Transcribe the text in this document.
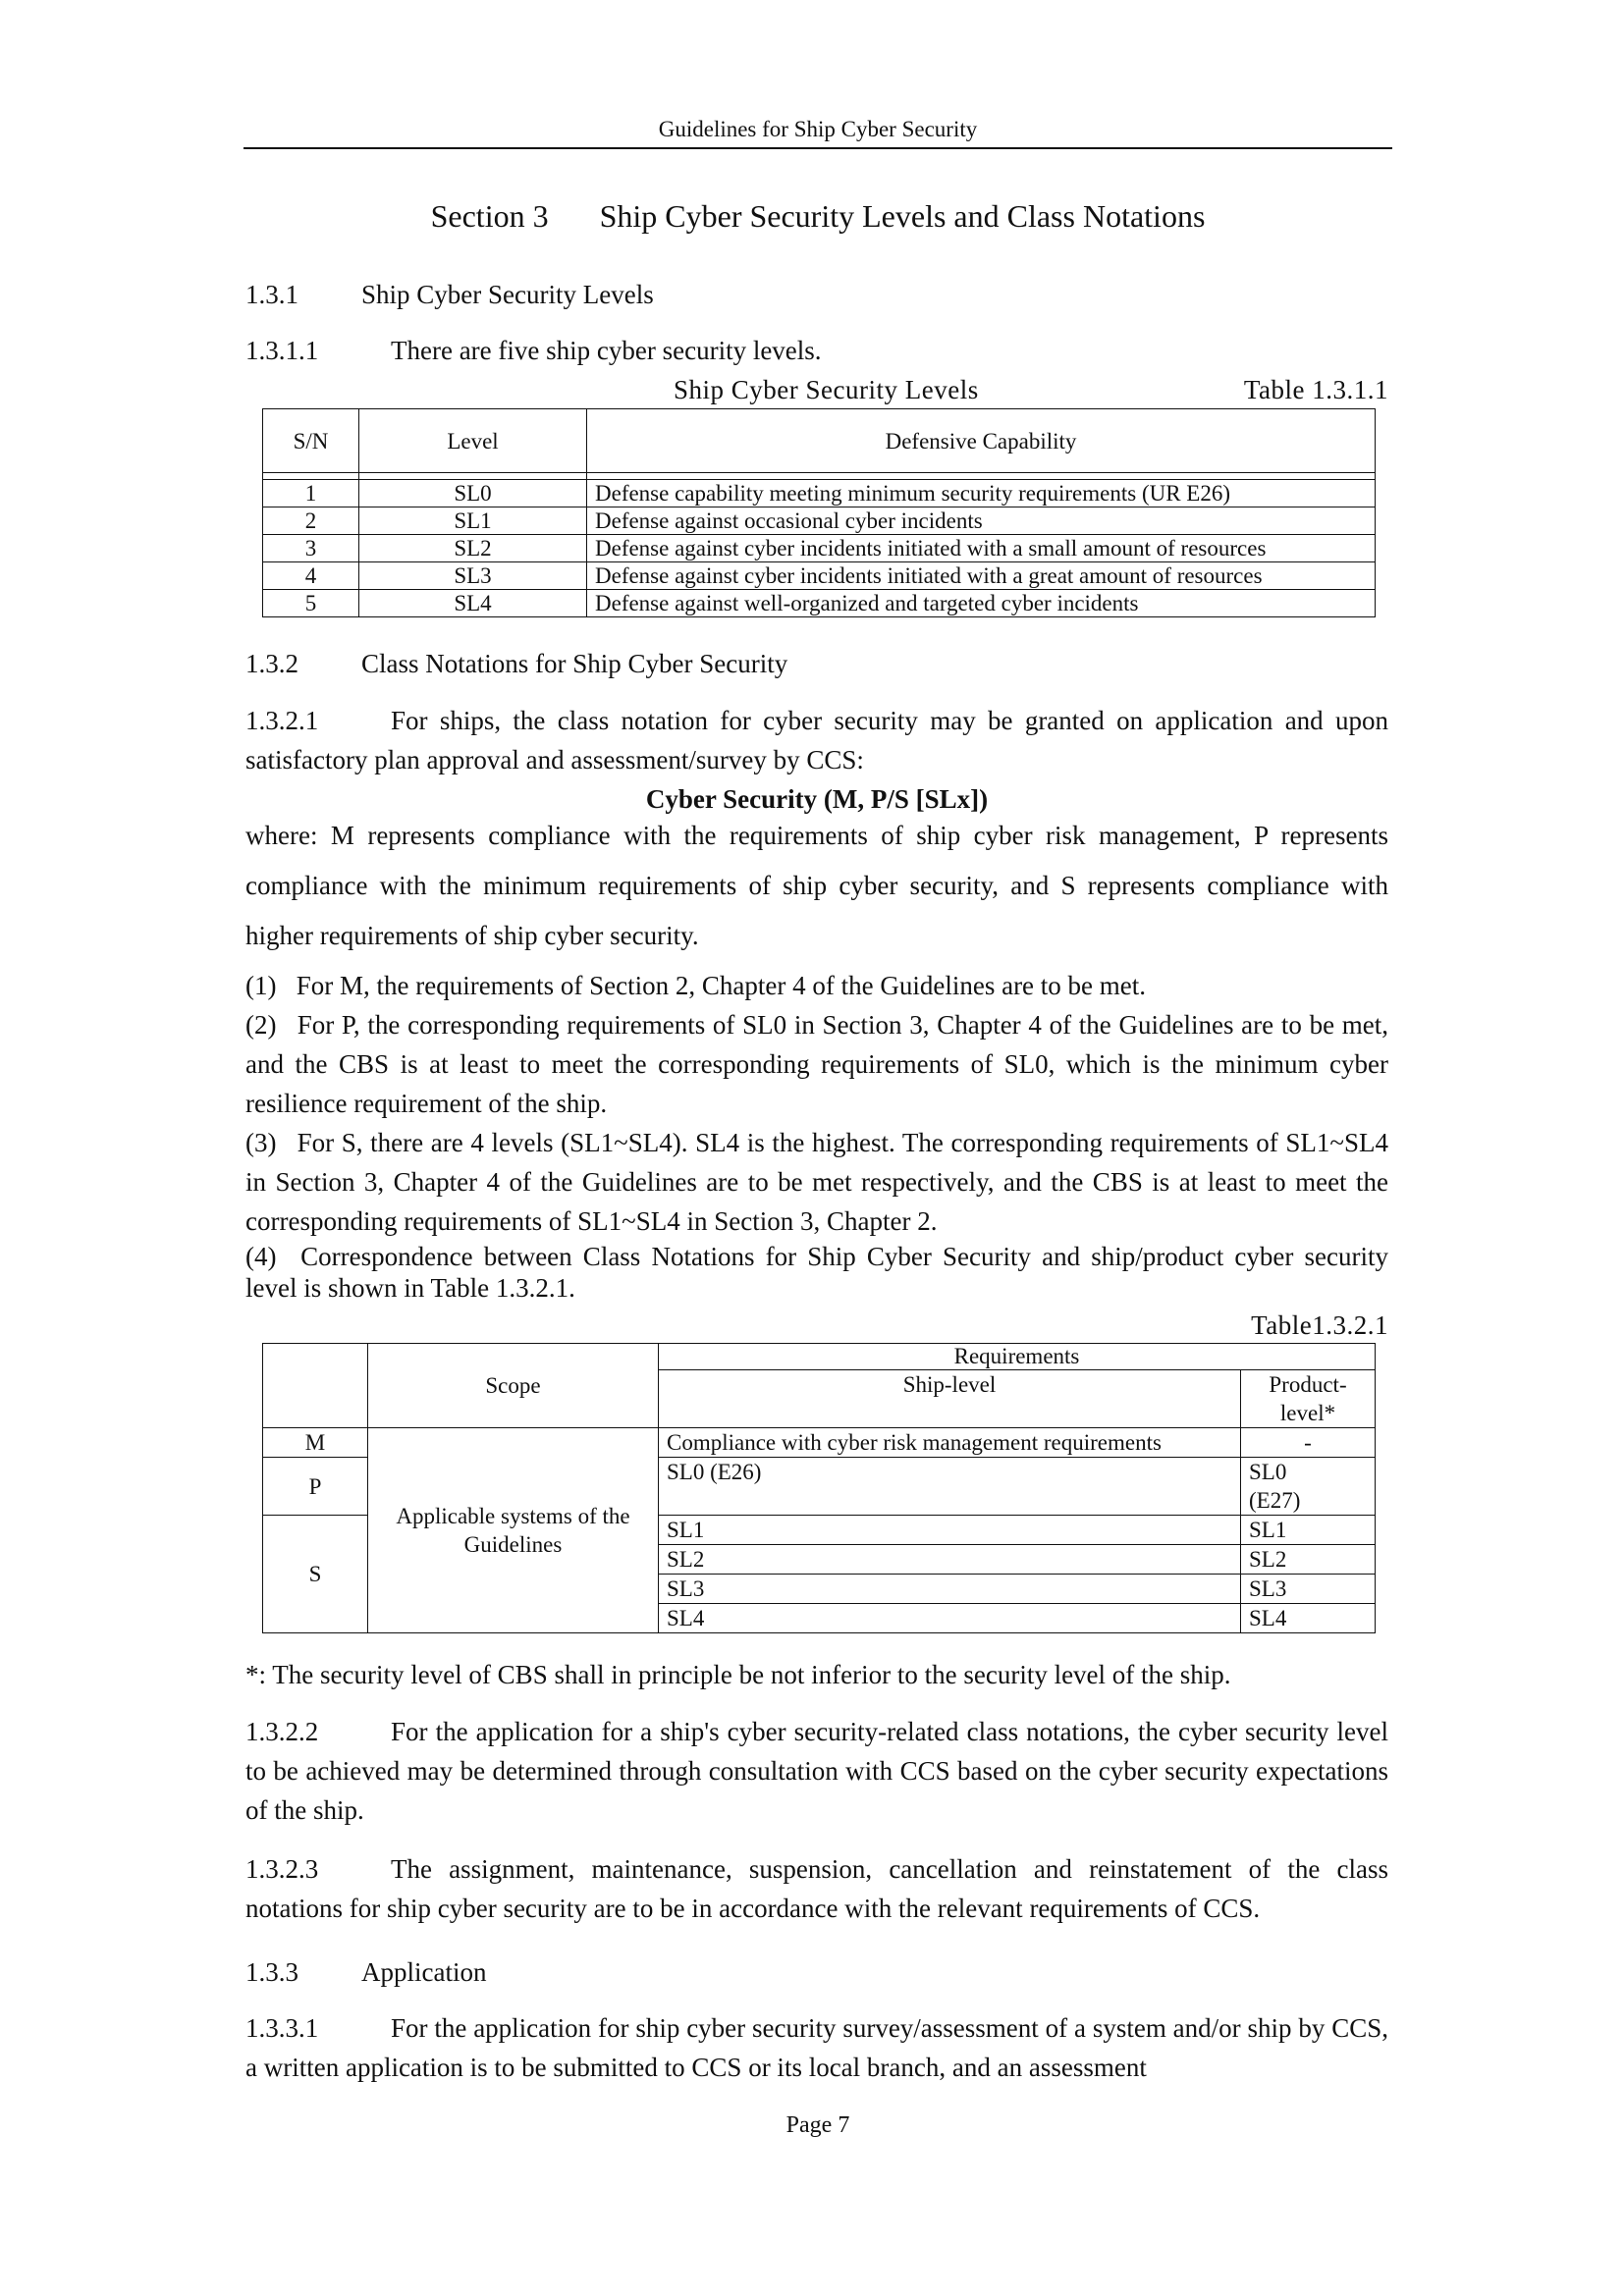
Guidelines for Ship Cyber Security
Section 3 Ship Cyber Security Levels and Class Notations
1.3.1 Ship Cyber Security Levels
1.3.1.1	There are five ship cyber security levels.
Ship Cyber Security Levels	Table 1.3.1.1
S/N	Level	Defensive Capability

1	SL0	Defense capability meeting minimum security requirements (UR E26)
2	SL1	Defense against occasional cyber incidents
3	SL2	Defense against cyber incidents initiated with a small amount of resources
4	SL3	Defense against cyber incidents initiated with a great amount of resources
5	SL4	Defense against well-organized and targeted cyber incidents
1.3.2 Class Notations for Ship Cyber Security
1.3.2.1	For ships, the class notation for cyber security may be granted on application and upon satisfactory plan approval and assessment/survey by CCS:
Cyber Security (M, P/S [SLx])
where: M represents compliance with the requirements of ship cyber risk management, P represents compliance with the minimum requirements of ship cyber security, and S represents compliance with higher requirements of ship cyber security.
(1)  For M, the requirements of Section 2, Chapter 4 of the Guidelines are to be met.
(2)  For P, the corresponding requirements of SL0 in Section 3, Chapter 4 of the Guidelines are to be met, and the CBS is at least to meet the corresponding requirements of SL0, which is the minimum cyber resilience requirement of the ship.
(3)  For S, there are 4 levels (SL1~SL4). SL4 is the highest. The corresponding requirements of SL1~SL4 in Section 3, Chapter 4 of the Guidelines are to be met respectively, and the CBS is at least to meet the corresponding requirements of SL1~SL4 in Section 3, Chapter 2.
(4)  Correspondence between Class Notations for Ship Cyber Security and ship/product cyber security level is shown in Table 1.3.2.1.
Table1.3.2.1
	Scope	Requirements	
		Ship-level	Product-
level*
M	Applicable systems of the Guidelines	Compliance with cyber risk management requirements	-
P		SL0 (E26)	SL0
(E27)
S		SL1	SL1
		SL2	SL2
		SL3	SL3
		SL4	SL4
*: The security level of CBS shall in principle be not inferior to the security level of the ship.
1.3.2.2	For the application for a ship's cyber security-related class notations, the cyber security level to be achieved may be determined through consultation with CCS based on the cyber security expectations of the ship.
1.3.2.3	The assignment, maintenance, suspension, cancellation and reinstatement of the class notations for ship cyber security are to be in accordance with the relevant requirements of CCS.
1.3.3 Application
1.3.3.1	For the application for ship cyber security survey/assessment of a system and/or ship by CCS, a written application is to be submitted to CCS or its local branch, and an assessment
Page 7
